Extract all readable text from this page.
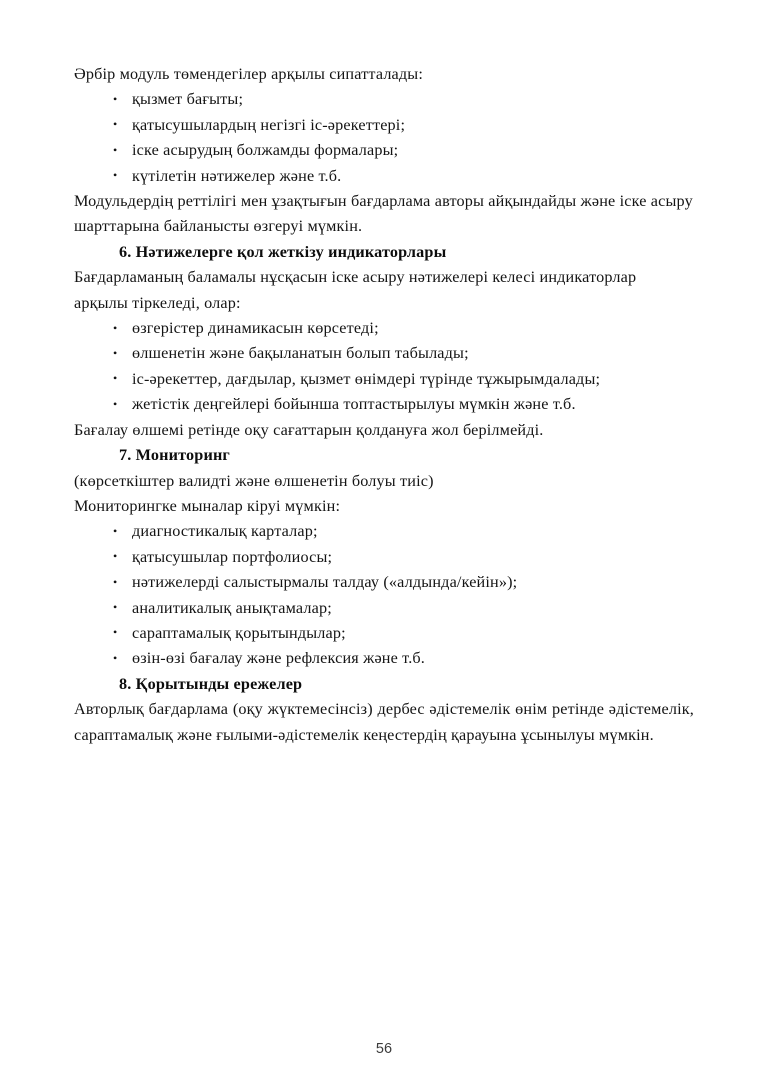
Әрбір модуль төмендегілер арқылы сипатталады:

• қызмет бағыты;
• қатысушылардың негізгі іс-әрекеттері;
• іске асырудың болжамды формалары;
• күтілетін нәтижелер және т.б.

Модульдердің реттілігі мен ұзақтығын бағдарлама авторы айқындайды және іске асыру шарттарына байланысты өзгеруі мүмкін.

6. Нәтижелерге қол жеткізу индикаторлары

Бағдарламаның баламалы нұсқасын іске асыру нәтижелері келесі индикаторлар арқылы тіркеледі, олар:

• өзгерістер динамикасын көрсетеді;
• өлшенетін және бақыланатын болып табылады;
• іс-әрекеттер, дағдылар, қызмет өнімдері түрінде тұжырымдалады;
• жетістік деңгейлері бойынша топтастырылуы мүмкін және т.б.

Бағалау өлшемі ретінде оқу сағаттарын қолдануға жол берілмейді.

7. Мониторинг

(көрсеткіштер валидті және өлшенетін болуы тиіс)

Мониторингке мыналар кіруі мүмкін:

• диагностикалық карталар;
• қатысушылар портфолиосы;
• нәтижелерді салыстырмалы талдау («алдында/кейін»);
• аналитикалық анықтамалар;
• сараптамалық қорытындылар;
• өзін-өзі бағалау және рефлексия және т.б.

8. Қорытынды ережелер

Авторлық бағдарлама (оқу жүктемесінсіз) дербес әдістемелік өнім ретінде әдістемелік, сараптамалық және ғылыми-әдістемелік кеңестердің қарауына ұсынылуы мүмкін.

56
